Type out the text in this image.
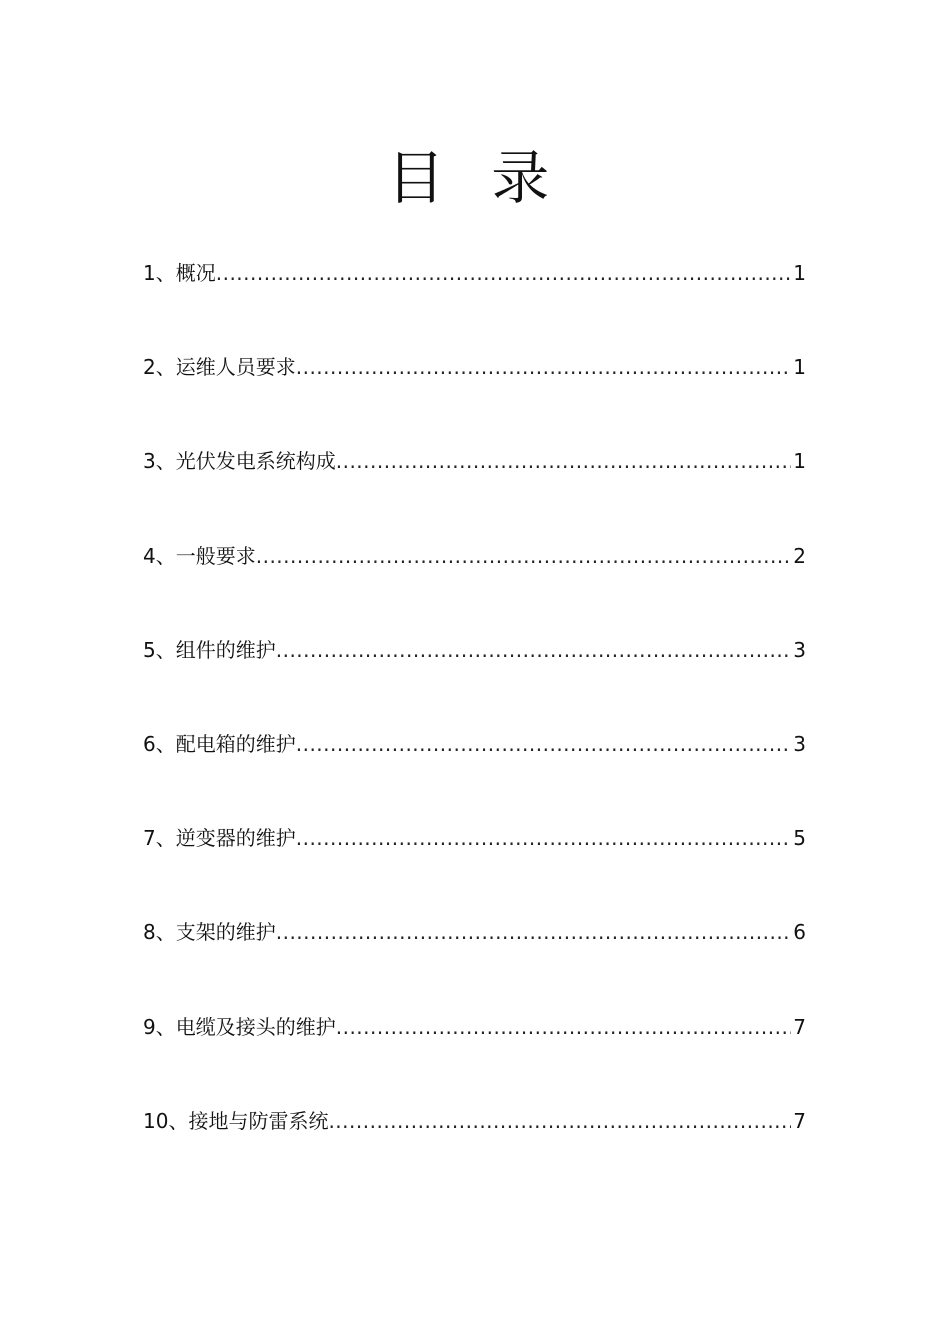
目 录
1、概况 .....	1
2、运维人员要求 .....	1
3、光伏发电系统构成 .....	1
4、一般要求 .....	2
5、组件的维护 .....	3
6、配电箱的维护 .....	3
7、逆变器的维护 .....	5
8、支架的维护 .....	6
9、电缆及接头的维护 .....	7
10、接地与防雷系统 .....	7
